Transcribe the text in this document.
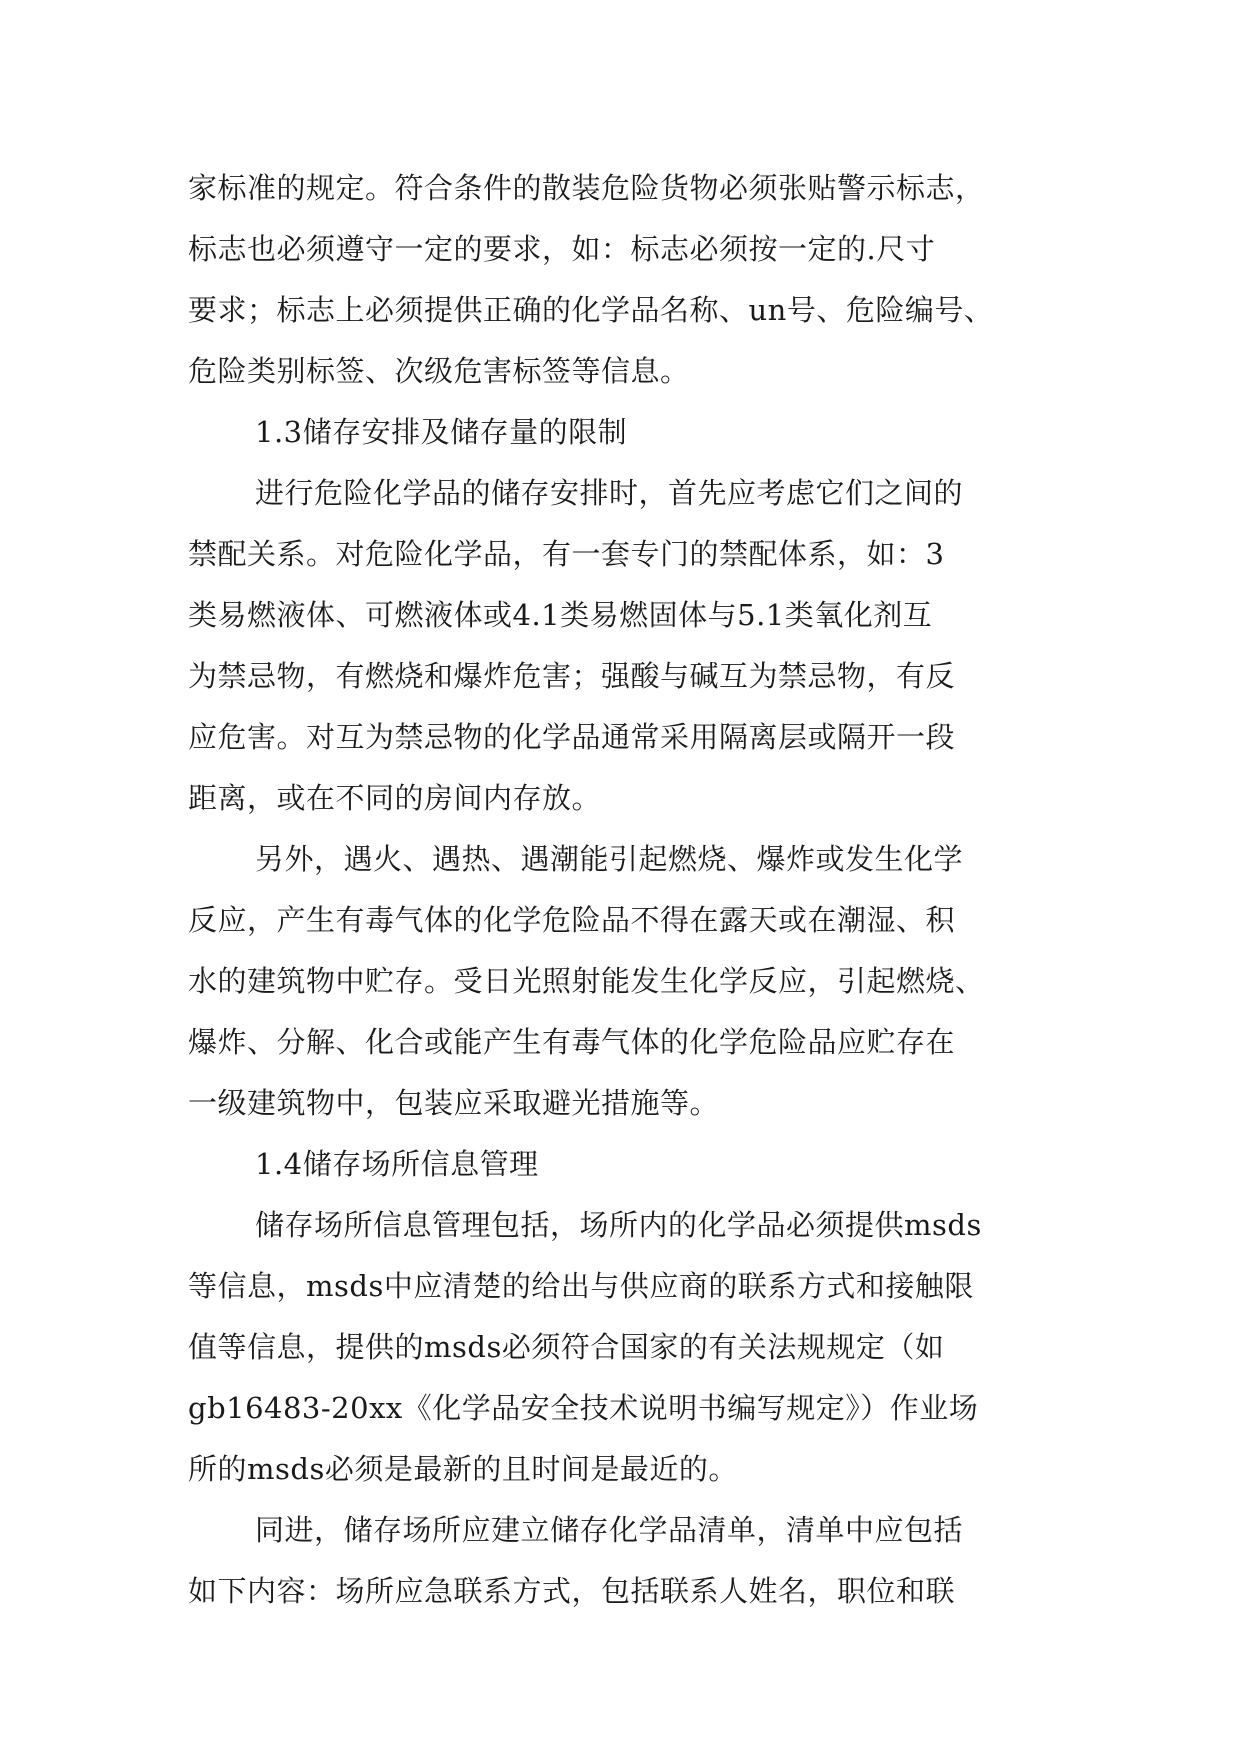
家标准的规定。符合条件的散装危险货物必须张贴警示标志，
标志也必须遵守一定的要求，如：标志必须按一定的.尺寸
要求；标志上必须提供正确的化学品名称、un号、危险编号、
危险类别标签、次级危害标签等信息。
1.3储存安排及储存量的限制
进行危险化学品的储存安排时，首先应考虑它们之间的
禁配关系。对危险化学品，有一套专门的禁配体系，如：3
类易燃液体、可燃液体或4.1类易燃固体与5.1类氧化剂互
为禁忌物，有燃烧和爆炸危害；强酸与碱互为禁忌物，有反
应危害。对互为禁忌物的化学品通常采用隔离层或隔开一段
距离，或在不同的房间内存放。
另外，遇火、遇热、遇潮能引起燃烧、爆炸或发生化学
反应，产生有毒气体的化学危险品不得在露天或在潮湿、积
水的建筑物中贮存。受日光照射能发生化学反应，引起燃烧、
爆炸、分解、化合或能产生有毒气体的化学危险品应贮存在
一级建筑物中，包装应采取避光措施等。
1.4储存场所信息管理
储存场所信息管理包括，场所内的化学品必须提供msds
等信息，msds中应清楚的给出与供应商的联系方式和接触限
值等信息，提供的msds必须符合国家的有关法规规定（如
gb16483-20xx《化学品安全技术说明书编写规定》）作业场
所的msds必须是最新的且时间是最近的。
同进，储存场所应建立储存化学品清单，清单中应包括
如下内容：场所应急联系方式，包括联系人姓名，职位和联
